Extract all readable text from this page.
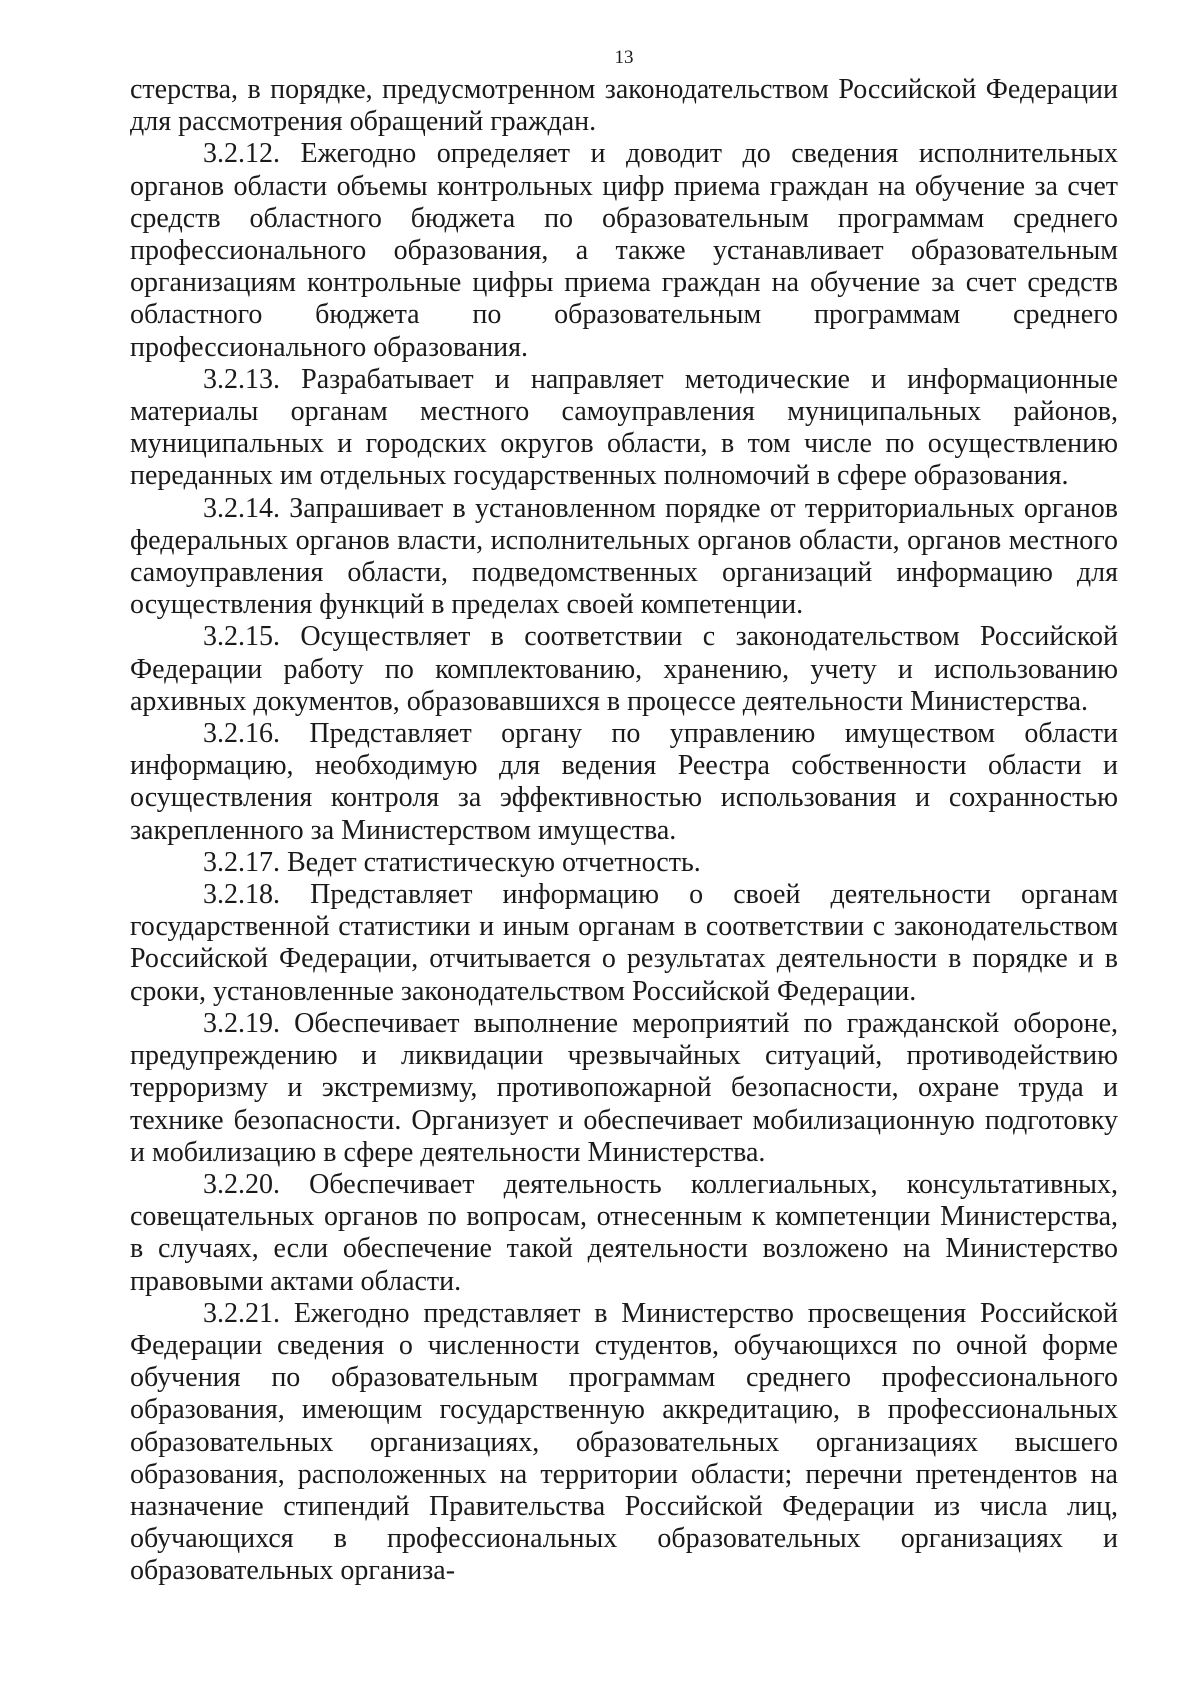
13

стерства, в порядке, предусмотренном законодательством Российской Федерации для рассмотрения обращений граждан.

3.2.12. Ежегодно определяет и доводит до сведения исполнительных органов области объемы контрольных цифр приема граждан на обучение за счет средств областного бюджета по образовательным программам среднего профессионального образования, а также устанавливает образовательным организациям контрольные цифры приема граждан на обучение за счет средств областного бюджета по образовательным программам среднего профессионального образования.

3.2.13. Разрабатывает и направляет методические и информационные материалы органам местного самоуправления муниципальных районов, муниципальных и городских округов области, в том числе по осуществлению переданных им отдельных государственных полномочий в сфере образования.

3.2.14. Запрашивает в установленном порядке от территориальных органов федеральных органов власти, исполнительных органов области, органов местного самоуправления области, подведомственных организаций информацию для осуществления функций в пределах своей компетенции.

3.2.15. Осуществляет в соответствии с законодательством Российской Федерации работу по комплектованию, хранению, учету и использованию архивных документов, образовавшихся в процессе деятельности Министерства.

3.2.16. Представляет органу по управлению имуществом области информацию, необходимую для ведения Реестра собственности области и осуществления контроля за эффективностью использования и сохранностью закрепленного за Министерством имущества.

3.2.17. Ведет статистическую отчетность.

3.2.18. Представляет информацию о своей деятельности органам государственной статистики и иным органам в соответствии с законодательством Российской Федерации, отчитывается о результатах деятельности в порядке и в сроки, установленные законодательством Российской Федерации.

3.2.19. Обеспечивает выполнение мероприятий по гражданской обороне, предупреждению и ликвидации чрезвычайных ситуаций, противодействию терроризму и экстремизму, противопожарной безопасности, охране труда и технике безопасности. Организует и обеспечивает мобилизационную подготовку и мобилизацию в сфере деятельности Министерства.

3.2.20. Обеспечивает деятельность коллегиальных, консультативных, совещательных органов по вопросам, отнесенным к компетенции Министерства, в случаях, если обеспечение такой деятельности возложено на Министерство правовыми актами области.

3.2.21. Ежегодно представляет в Министерство просвещения Российской Федерации сведения о численности студентов, обучающихся по очной форме обучения по образовательным программам среднего профессионального образования, имеющим государственную аккредитацию, в профессиональных образовательных организациях, образовательных организациях высшего образования, расположенных на территории области; перечни претендентов на назначение стипендий Правительства Российской Федерации из числа лиц, обучающихся в профессиональных образовательных организациях и образовательных организа-
